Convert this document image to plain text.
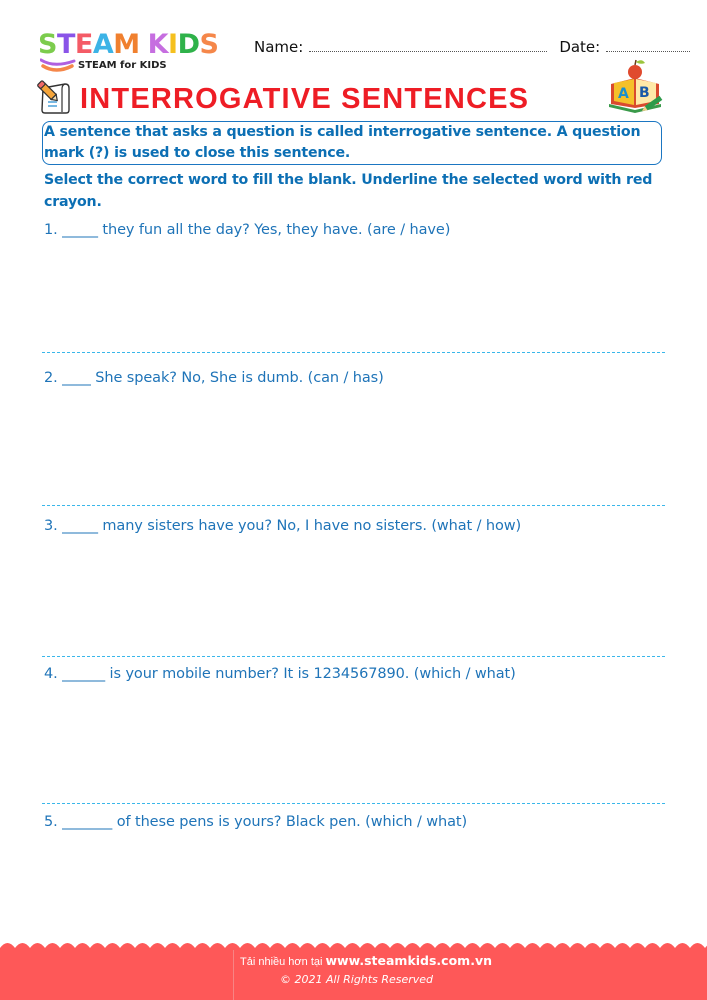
STEAM KIDS
STEAM for KIDS
Name:	Date:
INTERROGATIVE SENTENCES	A B
A sentence that asks a question is called interrogative sentence. A question mark (?) is used to close this sentence.
Select the correct word to fill the blank. Underline the selected word with red crayon.
1. _____ they fun all the day? Yes, they have. (are / have)
2. ____ She speak? No, She is dumb. (can / has)
3. _____ many sisters have you? No, I have no sisters. (what / how)
4. ______ is your mobile number? It is 1234567890. (which / what)
5. _______ of these pens is yours? Black pen. (which / what)
Tải nhiều hơn tại www.steamkids.com.vn
© 2021 All Rights Reserved
